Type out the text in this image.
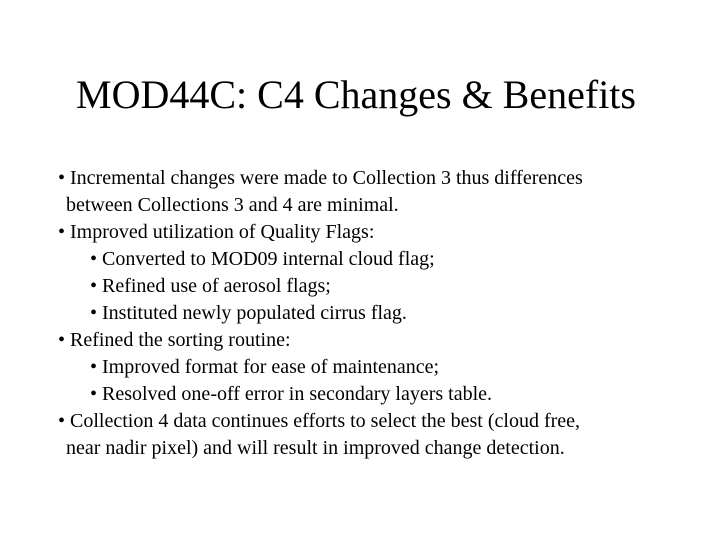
MOD44C: C4 Changes & Benefits
• Incremental changes were made to Collection 3 thus differences
between Collections 3 and 4 are minimal.
• Improved utilization of Quality Flags:
• Converted to MOD09 internal cloud flag;
• Refined use of aerosol flags;
• Instituted newly populated cirrus flag.
• Refined the sorting routine:
• Improved format for ease of maintenance;
• Resolved one-off error in secondary layers table.
• Collection 4 data continues efforts to select the best (cloud free,
near nadir pixel) and will result in improved change detection.
